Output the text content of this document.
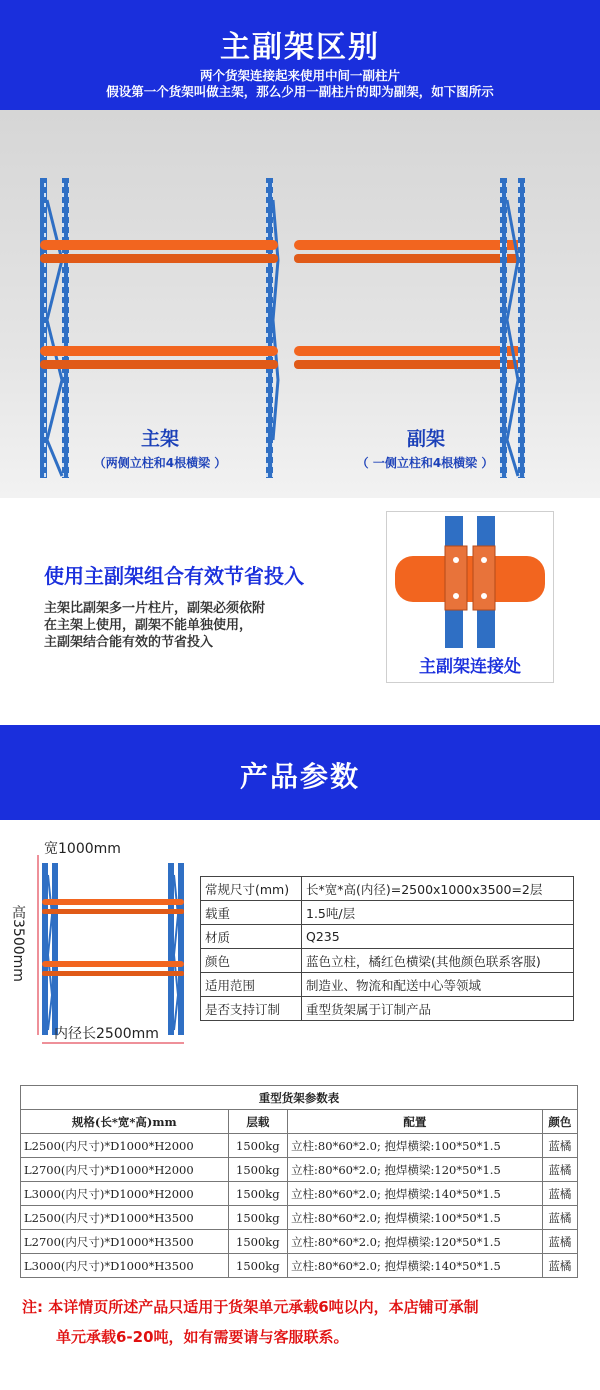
主副架区别
两个货架连接起来使用中间一副柱片
假设第一个货架叫做主架，那么少用一副柱片的即为副架，如下图所示
主架
（两侧立柱和4根横梁 ）
副架
（ 一侧立柱和4根横梁 ）
使用主副架组合有效节省投入
主架比副架多一片柱片，副架必须依附
在主架上使用，副架不能单独使用，
主副架结合能有效的节省投入
主副架连接处
产品参数
宽1000mm
高3500mm
内径长2500mm
常规尺寸(mm)	长*宽*高(内径)=2500x1000x3500=2层
载重	1.5吨/层
材质	Q235
颜色	蓝色立柱，橘红色横梁(其他颜色联系客服)
适用范围	制造业、物流和配送中心等领域
是否支持订制	重型货架属于订制产品
重型货架参数表			
规格(长*宽*高)mm	层载	配置	颜色
L2500(内尺寸)*D1000*H2000	1500kg	立柱:80*60*2.0; 抱焊横梁:100*50*1.5	蓝橘
L2700(内尺寸)*D1000*H2000	1500kg	立柱:80*60*2.0; 抱焊横梁:120*50*1.5	蓝橘
L3000(内尺寸)*D1000*H2000	1500kg	立柱:80*60*2.0; 抱焊横梁:140*50*1.5	蓝橘
L2500(内尺寸)*D1000*H3500	1500kg	立柱:80*60*2.0; 抱焊横梁:100*50*1.5	蓝橘
L2700(内尺寸)*D1000*H3500	1500kg	立柱:80*60*2.0; 抱焊横梁:120*50*1.5	蓝橘
L3000(内尺寸)*D1000*H3500	1500kg	立柱:80*60*2.0; 抱焊横梁:140*50*1.5	蓝橘
注: 本详情页所述产品只适用于货架单元承载6吨以内，本店铺可承制
单元承载6-20吨，如有需要请与客服联系。
